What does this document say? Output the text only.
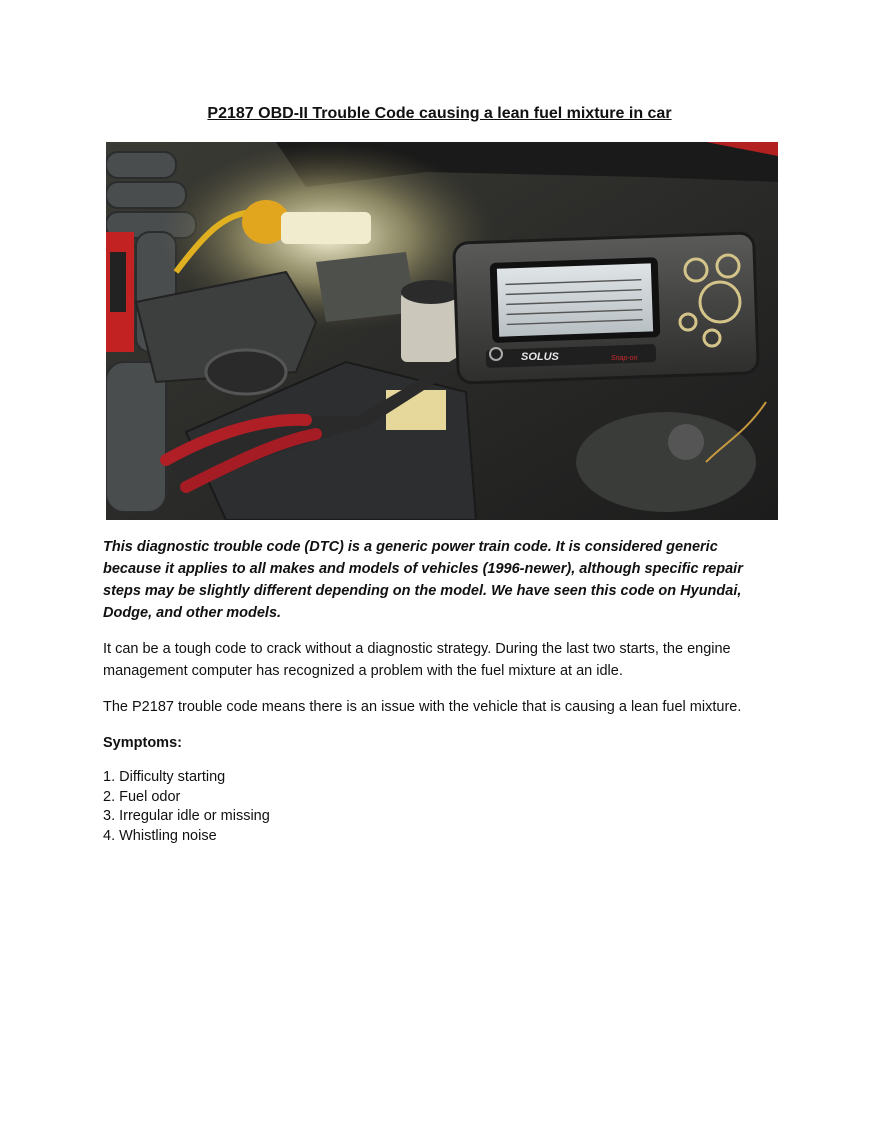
P2187 OBD-II Trouble Code causing a lean fuel mixture in car
SOLUS	Snap-on

This diagnostic trouble code (DTC) is a generic power train code. It is considered generic because it applies to all makes and models of vehicles (1996-newer), although specific repair steps may be slightly different depending on the model. We have seen this code on Hyundai, Dodge, and other models.

It can be a tough code to crack without a diagnostic strategy. During the last two starts, the engine management computer has recognized a problem with the fuel mixture at an idle.

The P2187 trouble code means there is an issue with the vehicle that is causing a lean fuel mixture.

Symptoms:

1. Difficulty starting
2. Fuel odor
3. Irregular idle or missing
4. Whistling noise
